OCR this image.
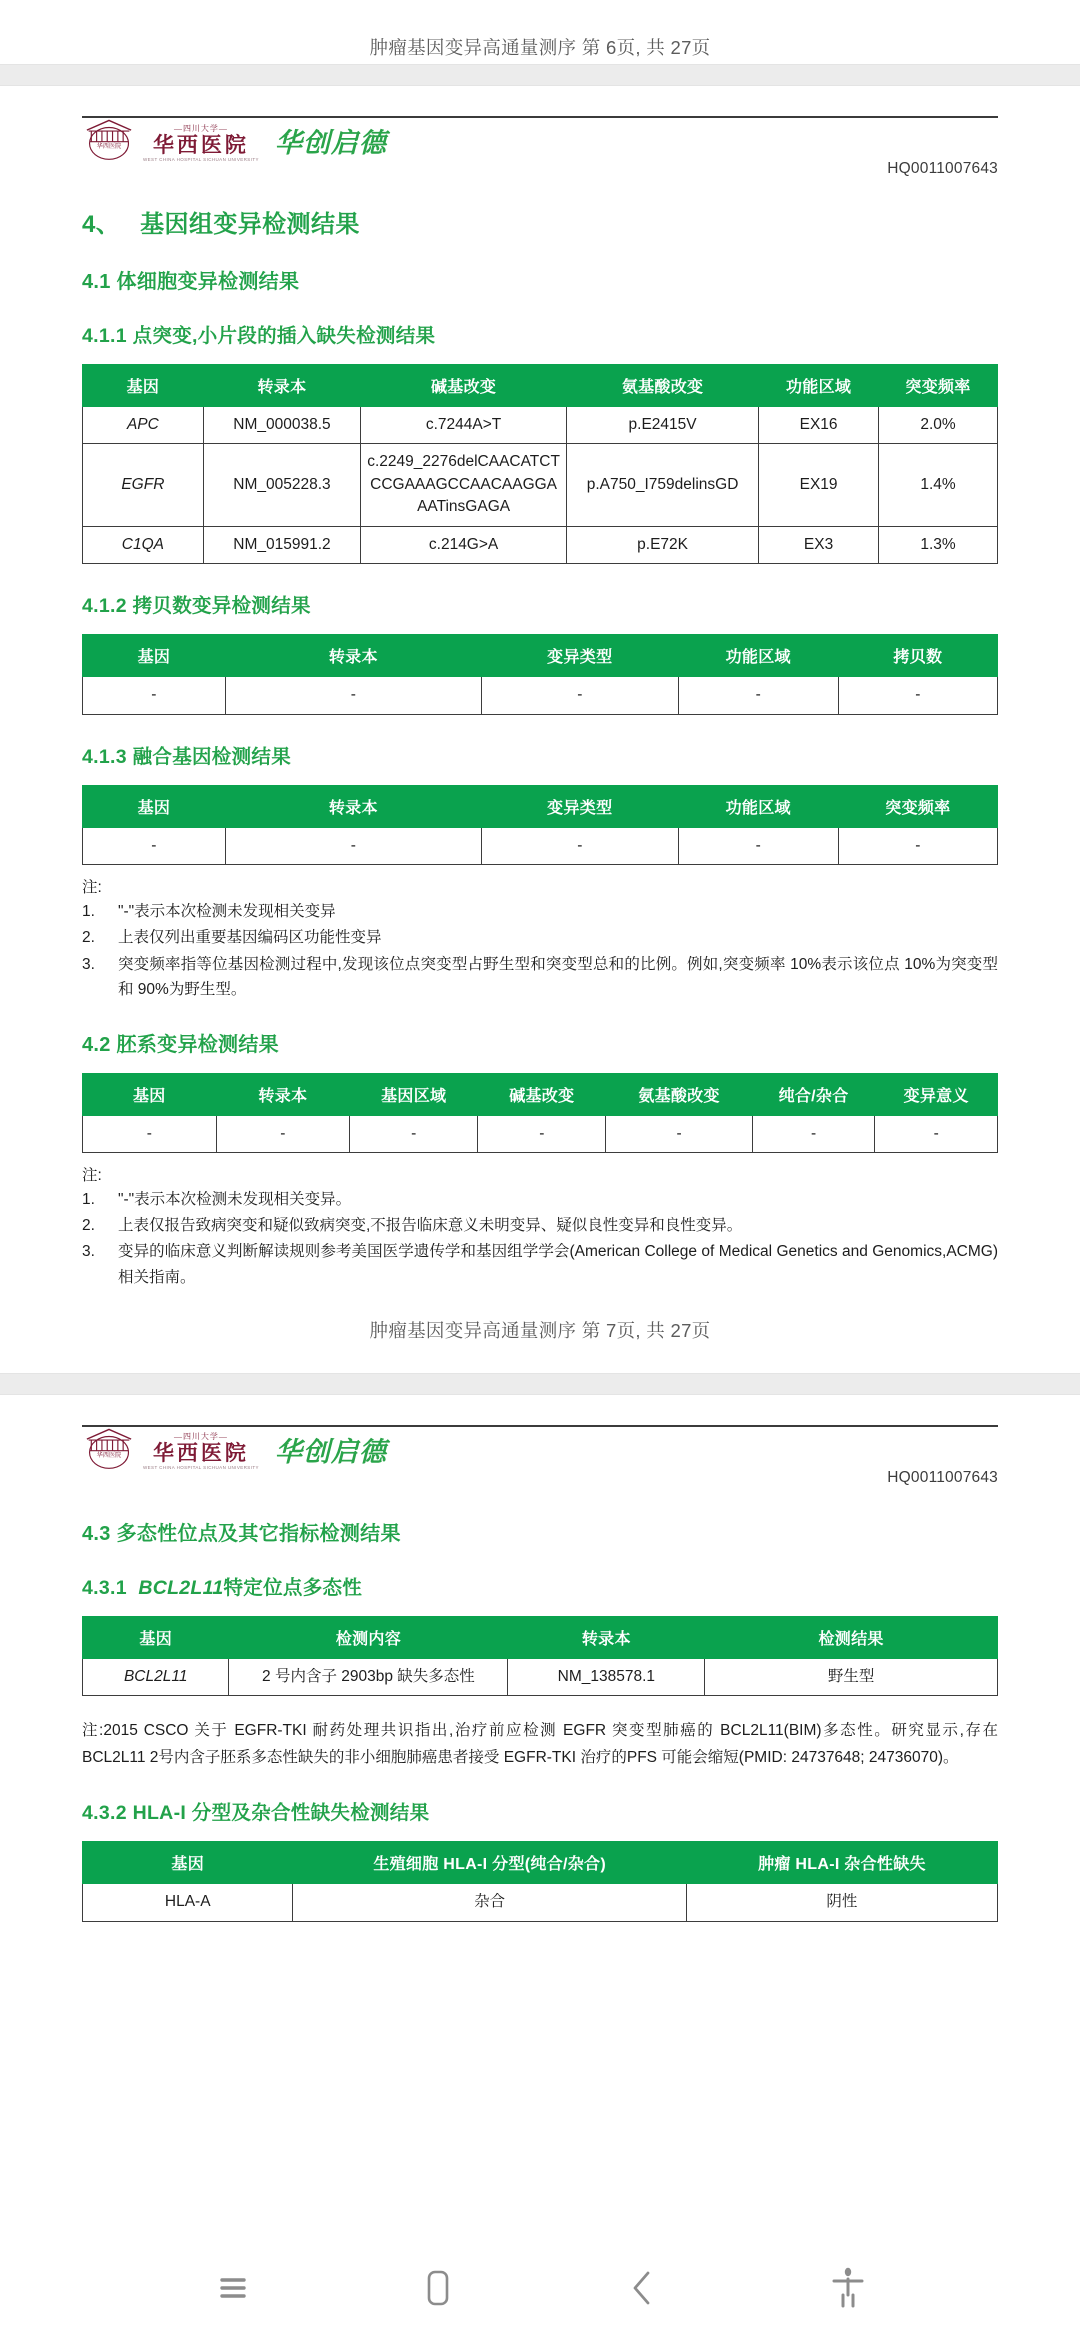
肿瘤基因变异高通量测序 第 6页, 共 27页
华西医院
—四川大学—
华西医院
WEST CHINA HOSPITAL SICHUAN UNIVERSITY
华创启德
HQ0011007643
4、 基因组变异检测结果
4.1 体细胞变异检测结果
4.1.1 点突变,小片段的插入缺失检测结果
基因	转录本	碱基改变	氨基酸改变	功能区域	突变频率
APC	NM_000038.5	c.7244A>T	p.E2415V	EX16	2.0%
EGFR	NM_005228.3	c.2249_2276delCAACATCTCCGAAAGCCAACAAGGAAATinsGAGA	p.A750_I759delinsGD	EX19	1.4%
C1QA	NM_015991.2	c.214G>A	p.E72K	EX3	1.3%
4.1.2 拷贝数变异检测结果
基因	转录本	变异类型	功能区域	拷贝数
-	-	-	-	-
4.1.3 融合基因检测结果
基因	转录本	变异类型	功能区域	突变频率
-	-	-	-	-
注:
1.	"-"表示本次检测未发现相关变异
2.	上表仅列出重要基因编码区功能性变异
3.	突变频率指等位基因检测过程中,发现该位点突变型占野生型和突变型总和的比例。例如,突变频率 10%表示该位点 10%为突变型和 90%为野生型。
4.2 胚系变异检测结果
基因	转录本	基因区域	碱基改变	氨基酸改变	纯合/杂合	变异意义
-	-	-	-	-	-	-
注:
1.	"-"表示本次检测未发现相关变异。
2.	上表仅报告致病突变和疑似致病突变,不报告临床意义未明变异、疑似良性变异和良性变异。
3.	变异的临床意义判断解读规则参考美国医学遗传学和基因组学学会(American College of Medical Genetics and Genomics,ACMG)相关指南。
肿瘤基因变异高通量测序 第 7页, 共 27页
华西医院
—四川大学—
华西医院
WEST CHINA HOSPITAL SICHUAN UNIVERSITY
华创启德
HQ0011007643
4.3 多态性位点及其它指标检测结果
4.3.1 BCL2L11特定位点多态性
基因	检测内容	转录本	检测结果
BCL2L11	2 号内含子 2903bp 缺失多态性	NM_138578.1	野生型
注:2015 CSCO 关于 EGFR-TKI 耐药处理共识指出,治疗前应检测 EGFR 突变型肺癌的 BCL2L11(BIM)多态性。研究显示,存在 BCL2L11 2号内含子胚系多态性缺失的非小细胞肺癌患者接受 EGFR-TKI 治疗的PFS 可能会缩短(PMID: 24737648; 24736070)。
4.3.2 HLA-I 分型及杂合性缺失检测结果
基因	生殖细胞 HLA-I 分型(纯合/杂合)	肿瘤 HLA-I 杂合性缺失
HLA-A	杂合	阴性
